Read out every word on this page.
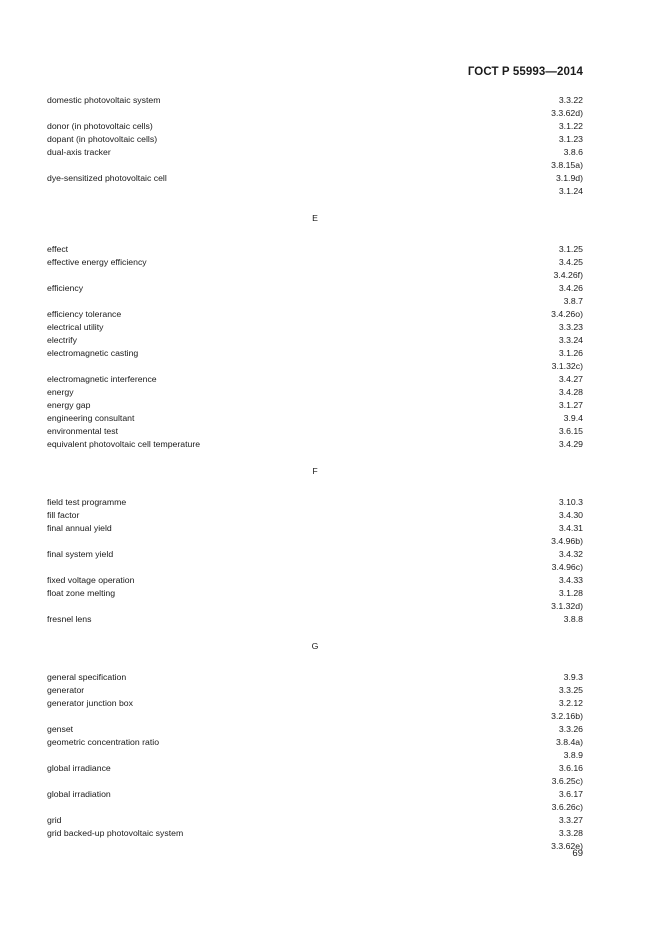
ГОСТ Р 55993—2014
domestic photovoltaic system	3.3.22
3.3.62d)
donor (in photovoltaic cells)	3.1.22
dopant (in photovoltaic cells)	3.1.23
dual-axis tracker	3.8.6
3.8.15a)
dye-sensitized photovoltaic cell	3.1.9d)
3.1.24
E
effect	3.1.25
effective energy efficiency	3.4.25
3.4.26f)
efficiency	3.4.26
3.8.7
efficiency tolerance	3.4.26o)
electrical utility	3.3.23
electrify	3.3.24
electromagnetic casting	3.1.26
3.1.32c)
electromagnetic interference	3.4.27
energy	3.4.28
energy gap	3.1.27
engineering consultant	3.9.4
environmental test	3.6.15
equivalent photovoltaic cell temperature	3.4.29
F
field test programme	3.10.3
fill factor	3.4.30
final annual yield	3.4.31
3.4.96b)
final system yield	3.4.32
3.4.96c)
fixed voltage operation	3.4.33
float zone melting	3.1.28
3.1.32d)
fresnel lens	3.8.8
G
general specification	3.9.3
generator	3.3.25
generator junction box	3.2.12
3.2.16b)
genset	3.3.26
geometric concentration ratio	3.8.4a)
3.8.9
global irradiance	3.6.16
3.6.25c)
global irradiation	3.6.17
3.6.26c)
grid	3.3.27
grid backed-up photovoltaic system	3.3.28
3.3.62e)
69
